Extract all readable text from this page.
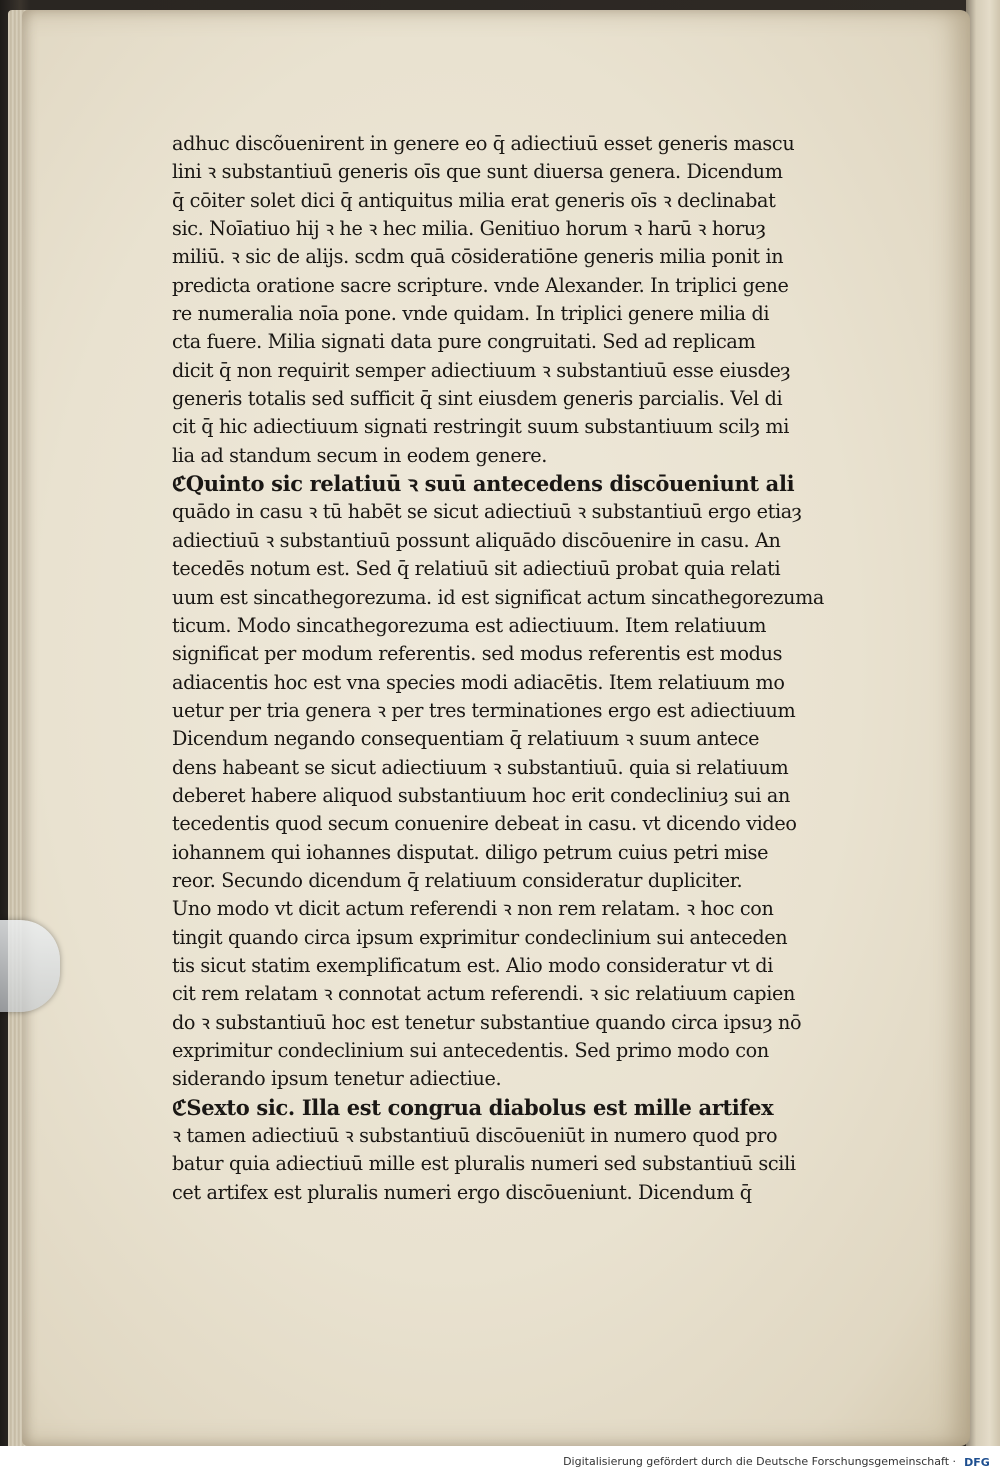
adhuc discõuenirent in genere eo q̄ adiectiuū esset generis mascu
lini ꝛ substantiuū generis oīs que sunt diuersa genera. Dicendum
q̄ cōiter solet dici q̄ antiquitus milia erat generis oīs ꝛ declinabat
sic. Noīatiuo hij ꝛ he ꝛ hec milia. Genitiuo horum ꝛ harū ꝛ horuȝ
miliū. ꝛ sic de alijs. scdm quā cōsideratiōne generis milia ponit in
predicta oratione sacre scripture. vnde Alexander. In triplici gene
re numeralia noīa pone. vnde quidam. In triplici genere milia di
cta fuere. Milia signati data pure congruitati. Sed ad replicam
dicit q̄ non requirit semper adiectiuum ꝛ substantiuū esse eiusdeȝ
generis totalis sed sufficit q̄ sint eiusdem generis parcialis. Vel di
cit q̄ hic adiectiuum signati restringit suum substantiuum scilȝ mi
lia ad standum secum in eodem genere.
ℭQuinto sic relatiuū ꝛ suū antecedens discōueniunt ali
quādo in casu ꝛ tū habēt se sicut adiectiuū ꝛ substantiuū ergo etiaȝ
adiectiuū ꝛ substantiuū possunt aliquādo discōuenire in casu. An
tecedēs notum est. Sed q̄ relatiuū sit adiectiuū probat quia relati
uum est sincathegorezuma. id est significat actum sincathegorezuma
ticum. Modo sincathegorezuma est adiectiuum. Item relatiuum
significat per modum referentis. sed modus referentis est modus
adiacentis hoc est vna species modi adiacētis. Item relatiuum mo
uetur per tria genera ꝛ per tres terminationes ergo est adiectiuum
Dicendum negando consequentiam q̄ relatiuum ꝛ suum antece
dens habeant se sicut adiectiuum ꝛ substantiuū. quia si relatiuum
deberet habere aliquod substantiuum hoc erit condecliniuȝ sui an
tecedentis quod secum conuenire debeat in casu. vt dicendo video
iohannem qui iohannes disputat. diligo petrum cuius petri mise
reor. Secundo dicendum q̄ relatiuum consideratur dupliciter.
Uno modo vt dicit actum referendi ꝛ non rem relatam. ꝛ hoc con
tingit quando circa ipsum exprimitur condeclinium sui anteceden
tis sicut statim exemplificatum est. Alio modo consideratur vt di
cit rem relatam ꝛ connotat actum referendi. ꝛ sic relatiuum capien
do ꝛ substantiuū hoc est tenetur substantiue quando circa ipsuȝ nō
exprimitur condeclinium sui antecedentis. Sed primo modo con
siderando ipsum tenetur adiectiue.
ℭSexto sic. Illa est congrua diabolus est mille artifex
ꝛ tamen adiectiuū ꝛ substantiuū discōueniūt in numero quod pro
batur quia adiectiuū mille est pluralis numeri sed substantiuū scili
cet artifex est pluralis numeri ergo discōueniunt. Dicendum q̄
Digitalisierung gefördert durch die Deutsche Forschungsgemeinschaft · DFG
